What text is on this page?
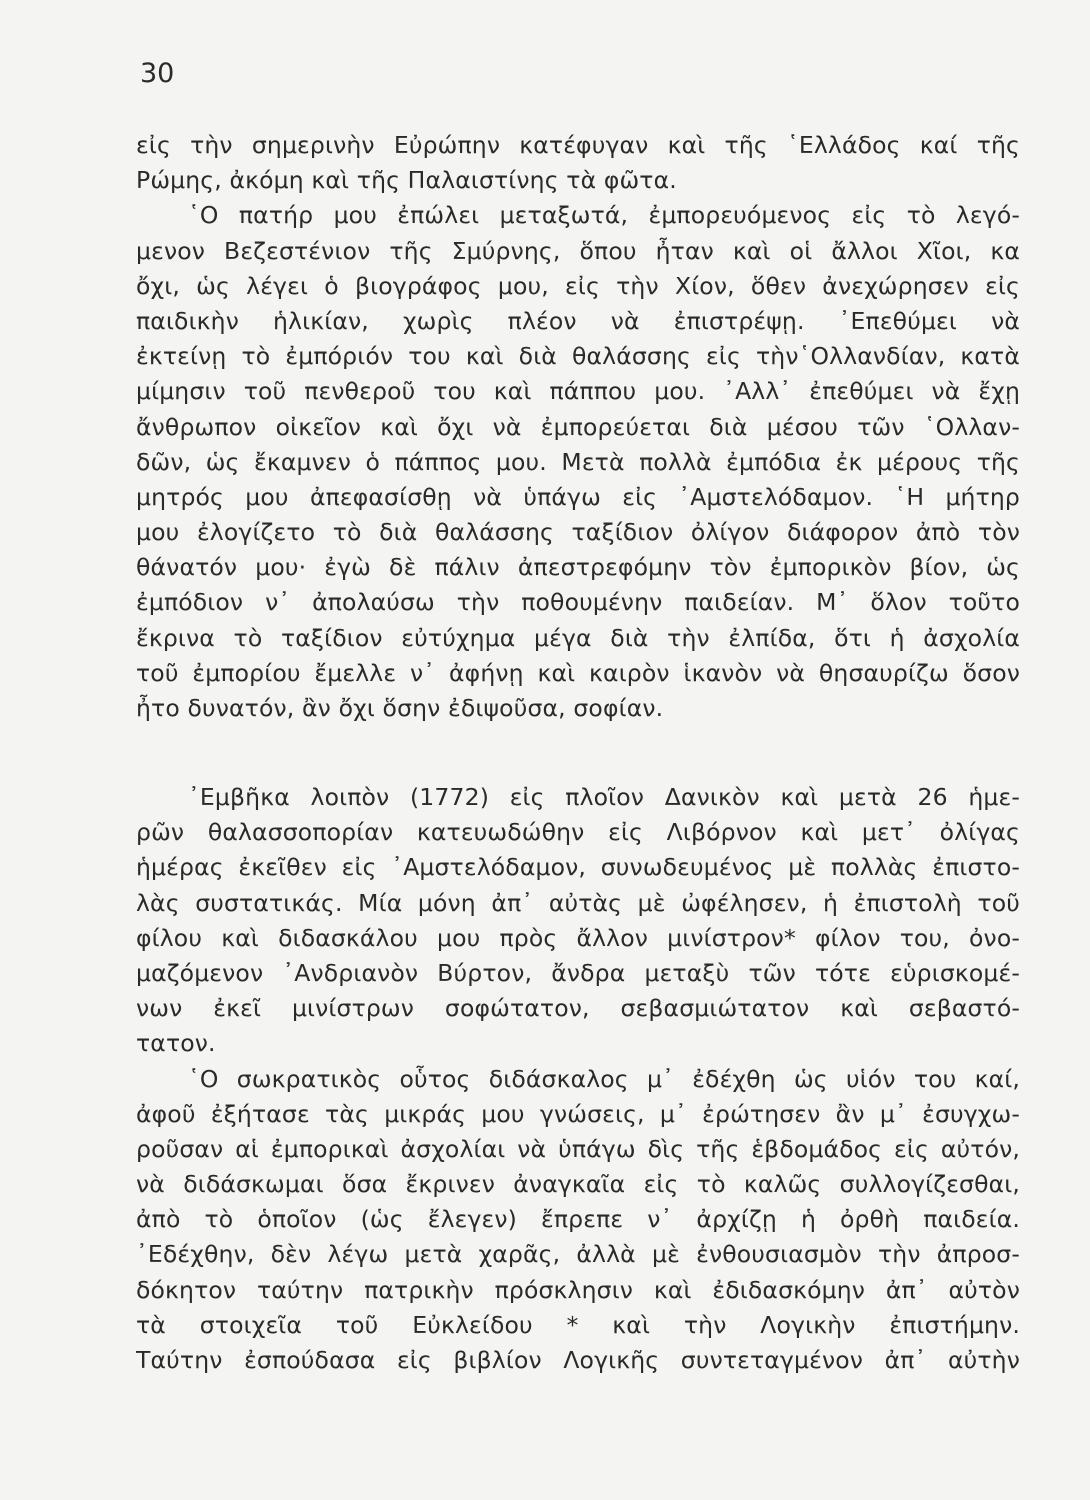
30
εἰς τὴν σημερινὴν Εὐρώπην κατέφυγαν καὶ τῆς ῾Ελλάδος καί τῆς
Ρώμης, ἀκόμη καὶ τῆς Παλαιστίνης τὰ φῶτα.
῾Ο πατήρ μου ἐπώλει μεταξωτά, ἐμπορευόμενος εἰς τὸ λεγό-
μενον Βεζεστένιον τῆς Σμύρνης, ὅπου ἦταν καὶ οἱ ἄλλοι Χῖοι, κα
ὄχι, ὡς λέγει ὁ βιογράφος μου, εἰς τὴν Χίον, ὅθεν ἀνεχώρησεν εἰς
παιδικὴν ἡλικίαν, χωρὶς πλέον νὰ ἐπιστρέψῃ. ᾿Επεθύμει νὰ
ἐκτείνῃ τὸ ἐμπόριόν του καὶ διὰ θαλάσσης εἰς τὴν῾Ολλανδίαν, κατὰ
μίμησιν τοῦ πενθεροῦ του καὶ πάππου μου. ᾿Αλλ᾿ ἐπεθύμει νὰ ἔχῃ
ἄνθρωπον οἰκεῖον καὶ ὄχι νὰ ἐμπορεύεται διὰ μέσου τῶν ῾Ολλαν-
δῶν, ὡς ἔκαμνεν ὁ πάππος μου. Μετὰ πολλὰ ἐμπόδια ἐκ μέρους τῆς
μητρός μου ἀπεφασίσθῃ νὰ ὑπάγω εἰς ᾿Αμστελόδαμον. ῾Η μήτηρ
μου ἐλογίζετο τὸ διὰ θαλάσσης ταξίδιον ὀλίγον διάφορον ἀπὸ τὸν
θάνατόν μου· ἐγὼ δὲ πάλιν ἀπεστρεφόμην τὸν ἐμπορικὸν βίον, ὡς
ἐμπόδιον ν᾿ ἀπολαύσω τὴν ποθουμένην παιδείαν. Μ᾿ ὅλον τοῦτο
ἔκρινα τὸ ταξίδιον εὐτύχημα μέγα διὰ τὴν ἐλπίδα, ὅτι ἡ ἀσχολία
τοῦ ἐμπορίου ἔμελλε ν᾿ ἀφήνῃ καὶ καιρὸν ἱκανὸν νὰ θησαυρίζω ὅσον
ἦτο δυνατόν, ἂν ὄχι ὅσην ἐδιψοῦσα, σοφίαν.
᾿Εμβῆκα λοιπὸν (1772) εἰς πλοῖον Δανικὸν καὶ μετὰ 26 ἡμε-
ρῶν θαλασσοπορίαν κατευωδώθην εἰς Λιβόρνον καὶ μετ᾿ ὀλίγας
ἡμέρας ἐκεῖθεν εἰς ᾿Αμστελόδαμον, συνωδευμένος μὲ πολλὰς ἐπιστο-
λὰς συστατικάς. Μία μόνη ἀπ᾿ αὐτὰς μὲ ὠφέλησεν, ἡ ἐπιστολὴ τοῦ
φίλου καὶ διδασκάλου μου πρὸς ἄλλον μινίστρον* φίλον του, ὀνο-
μαζόμενον ᾿Ανδριανὸν Βύρτον, ἄνδρα μεταξὺ τῶν τότε εὑρισκομέ-
νων ἐκεῖ μινίστρων σοφώτατον, σεβασμιώτατον καὶ σεβαστό-
τατον.
῾Ο σωκρατικὸς οὗτος διδάσκαλος μ᾿ ἐδέχθη ὡς υἱόν του καί,
ἀφοῦ ἐξήτασε τὰς μικράς μου γνώσεις, μ᾿ ἐρώτησεν ἂν μ᾿ ἐσυγχω-
ροῦσαν αἱ ἐμπορικαὶ ἀσχολίαι νὰ ὑπάγω δὶς τῆς ἑβδομάδος εἰς αὐτόν,
νὰ διδάσκωμαι ὅσα ἔκρινεν ἀναγκαῖα εἰς τὸ καλῶς συλλογίζεσθαι,
ἀπὸ τὸ ὁποῖον (ὡς ἔλεγεν) ἔπρεπε ν᾿ ἀρχίζῃ ἡ ὀρθὴ παιδεία.
᾿Εδέχθην, δὲν λέγω μετὰ χαρᾶς, ἀλλὰ μὲ ἐνθουσιασμὸν τὴν ἀπροσ-
δόκητον ταύτην πατρικὴν πρόσκλησιν καὶ ἐδιδασκόμην ἀπ᾿ αὐτὸν
τὰ στοιχεῖα τοῦ Εὐκλείδου * καὶ τὴν Λογικὴν ἐπιστήμην.
Ταύτην ἐσπούδασα εἰς βιβλίον Λογικῆς συντεταγμένον ἀπ᾿ αὐτὴν
